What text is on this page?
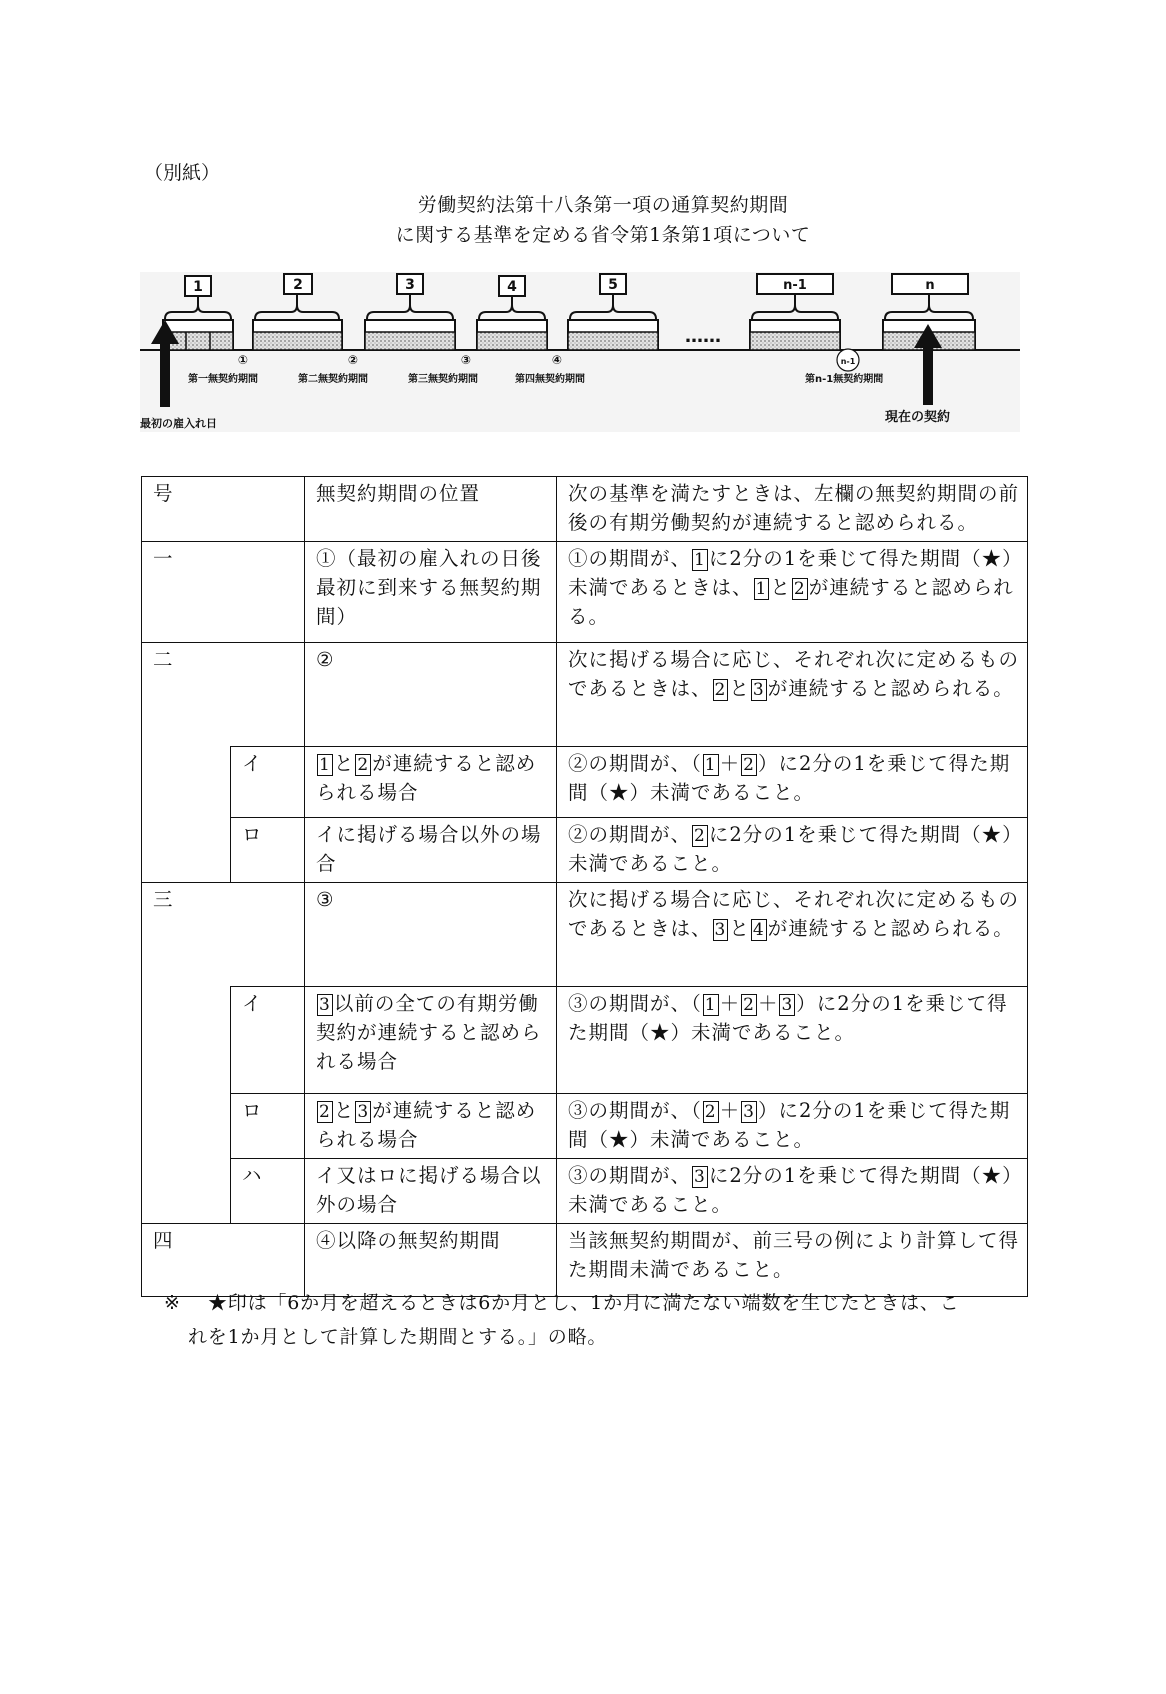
（別紙）
労働契約法第十八条第一項の通算契約期間
に関する基準を定める省令第1条第1項について
1	2	3	4	5
……
n-1	n
①	②	③	④	n-1
第一無契約期間	第二無契約期間	第三無契約期間	第四無契約期間	第n-1無契約期間
最初の雇入れ日	現在の契約
号		無契約期間の位置	次の基準を満たすときは、左欄の無契約期間の前後の有期労働契約が連続すると認められる。
一		①（最初の雇入れの日後最初に到来する無契約期間）	①の期間が、 1 に2分の1を乗じて得た期間（★）未満であるときは、 1 と 2 が連続すると認められる。
二		②	次に掲げる場合に応じ、それぞれ次に定めるものであるときは、 2 と 3 が連続すると認められる。
	イ	1 と 2 が連続すると認められる場合	②の期間が、（ 1 ＋ 2 ）に2分の1を乗じて得た期間（★）未満であること。
	ロ	イに掲げる場合以外の場合	②の期間が、 2 に2分の1を乗じて得た期間（★）未満であること。
三		③	次に掲げる場合に応じ、それぞれ次に定めるものであるときは、 3 と 4 が連続すると認められる。
	イ	3 以前の全ての有期労働契約が連続すると認められる場合	③の期間が、（ 1 ＋ 2 ＋ 3 ）に2分の1を乗じて得た期間（★）未満であること。
	ロ	2 と 3 が連続すると認められる場合	③の期間が、（ 2 ＋ 3 ）に2分の1を乗じて得た期間（★）未満であること。
	ハ	イ又はロに掲げる場合以外の場合	③の期間が、 3 に2分の1を乗じて得た期間（★）未満であること。
四		④以降の無契約期間	当該無契約期間が、前三号の例により計算して得た期間未満であること。
※ ★印は「6か月を超えるときは6か月とし、1か月に満たない端数を生じたときは、こ
れを1か月として計算した期間とする。」の略。
